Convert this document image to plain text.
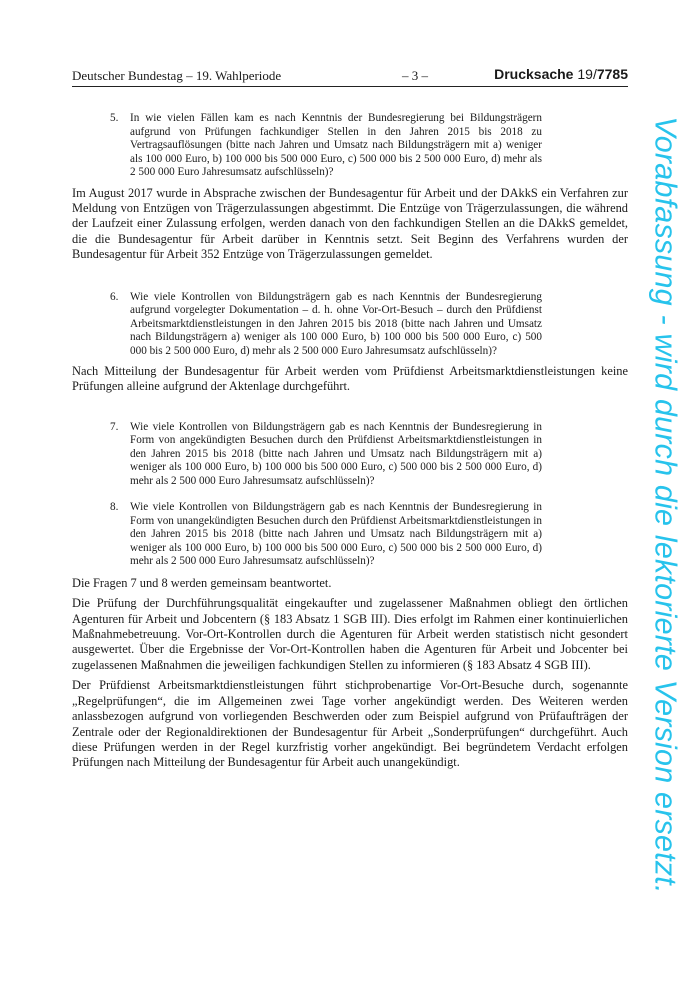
Deutscher Bundestag – 19. Wahlperiode	– 3 –	Drucksache 19/7785
5.	In wie vielen Fällen kam es nach Kenntnis der Bundesregierung bei Bildungsträgern aufgrund von Prüfungen fachkundiger Stellen in den Jahren 2015 bis 2018 zu Vertragsauflösungen (bitte nach Jahren und Umsatz nach Bildungsträgern mit a) weniger als 100 000 Euro, b) 100 000 bis 500 000 Euro, c) 500 000 bis 2 500 000 Euro, d) mehr als 2 500 000 Euro Jahresumsatz aufschlüsseln)?

Im August 2017 wurde in Absprache zwischen der Bundesagentur für Arbeit und der DAkkS ein Verfahren zur Meldung von Entzügen von Trägerzulassungen abgestimmt. Die Entzüge von Trägerzulassungen, die während der Laufzeit einer Zulassung erfolgen, werden danach von den fachkundigen Stellen an die DAkkS gemeldet, die die Bundesagentur für Arbeit darüber in Kenntnis setzt. Seit Beginn des Verfahrens wurden der Bundesagentur für Arbeit 352 Entzüge von Trägerzulassungen gemeldet.

6.	Wie viele Kontrollen von Bildungsträgern gab es nach Kenntnis der Bundesregierung aufgrund vorgelegter Dokumentation – d. h. ohne Vor-Ort-Besuch – durch den Prüfdienst Arbeitsmarktdienstleistungen in den Jahren 2015 bis 2018 (bitte nach Jahren und Umsatz nach Bildungsträgern a) weniger als 100 000 Euro, b) 100 000 bis 500 000 Euro, c) 500 000 bis 2 500 000 Euro, d) mehr als 2 500 000 Euro Jahresumsatz aufschlüsseln)?

Nach Mitteilung der Bundesagentur für Arbeit werden vom Prüfdienst Arbeitsmarktdienstleistungen keine Prüfungen alleine aufgrund der Aktenlage durchgeführt.

7.	Wie viele Kontrollen von Bildungsträgern gab es nach Kenntnis der Bundesregierung in Form von angekündigten Besuchen durch den Prüfdienst Arbeitsmarktdienstleistungen in den Jahren 2015 bis 2018 (bitte nach Jahren und Umsatz nach Bildungsträgern mit a) weniger als 100 000 Euro, b) 100 000 bis 500 000 Euro, c) 500 000 bis 2 500 000 Euro, d) mehr als 2 500 000 Euro Jahresumsatz aufschlüsseln)?
8.	Wie viele Kontrollen von Bildungsträgern gab es nach Kenntnis der Bundesregierung in Form von unangekündigten Besuchen durch den Prüfdienst Arbeitsmarktdienstleistungen in den Jahren 2015 bis 2018 (bitte nach Jahren und Umsatz nach Bildungsträgern mit a) weniger als 100 000 Euro, b) 100 000 bis 500 000 Euro, c) 500 000 bis 2 500 000 Euro, d) mehr als 2 500 000 Euro Jahresumsatz aufschlüsseln)?

Die Fragen 7 und 8 werden gemeinsam beantwortet.

Die Prüfung der Durchführungsqualität eingekaufter und zugelassener Maßnahmen obliegt den örtlichen Agenturen für Arbeit und Jobcentern (§ 183 Absatz 1 SGB III). Dies erfolgt im Rahmen einer kontinuierlichen Maßnahmebetreuung. Vor-Ort-Kontrollen durch die Agenturen für Arbeit werden statistisch nicht gesondert ausgewertet. Über die Ergebnisse der Vor-Ort-Kontrollen haben die Agenturen für Arbeit und Jobcenter bei zugelassenen Maßnahmen die jeweiligen fachkundigen Stellen zu informieren (§ 183 Absatz 4 SGB III).

Der Prüfdienst Arbeitsmarktdienstleistungen führt stichprobenartige Vor-Ort-Besuche durch, sogenannte „Regelprüfungen“, die im Allgemeinen zwei Tage vorher angekündigt werden. Des Weiteren werden anlassbezogen aufgrund von vorliegenden Beschwerden oder zum Beispiel aufgrund von Prüfaufträgen der Zentrale oder der Regionaldirektionen der Bundesagentur für Arbeit „Sonderprüfungen“ durchgeführt. Auch diese Prüfungen werden in der Regel kurzfristig vorher angekündigt. Bei begründetem Verdacht erfolgen Prüfungen nach Mitteilung der Bundesagentur für Arbeit auch unangekündigt.	Vorabfassung - wird durch die lektorierte Version ersetzt.
